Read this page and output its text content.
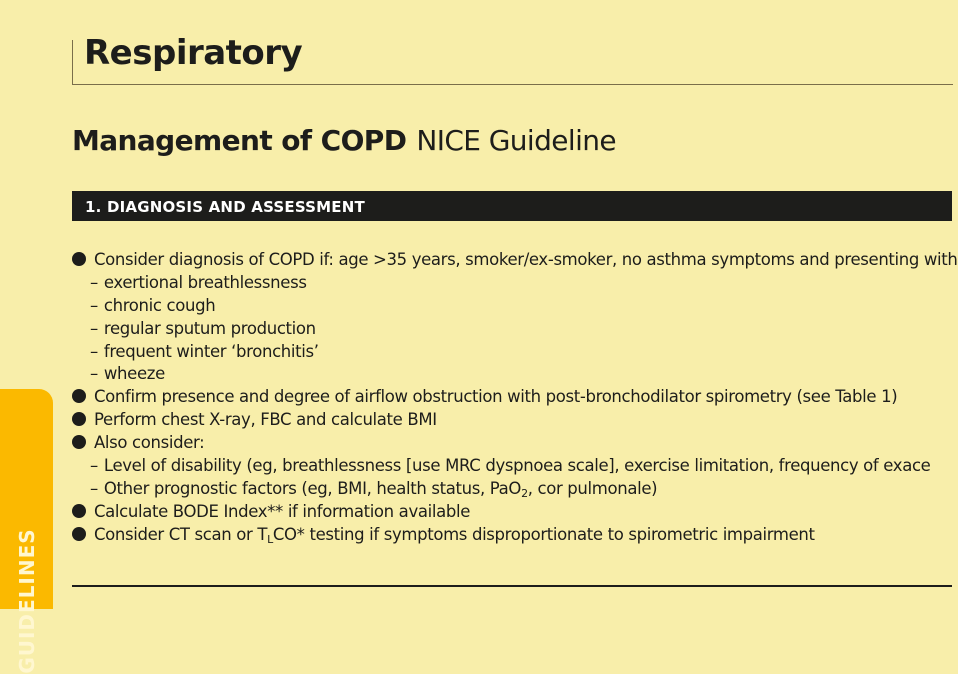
Respiratory
Management of COPD NICE Guideline
1. DIAGNOSIS AND ASSESSMENT
Consider diagnosis of COPD if: age >35 years, smoker/ex-smoker, no asthma symptoms and presenting with
– exertional breathlessness
– chronic cough
– regular sputum production
– frequent winter ‘bronchitis’
– wheeze
Confirm presence and degree of airflow obstruction with post-bronchodilator spirometry (see Table 1)
Perform chest X-ray, FBC and calculate BMI
Also consider:
– Level of disability (eg, breathlessness [use MRC dyspnoea scale], exercise limitation, frequency of exace
– Other prognostic factors (eg, BMI, health status, PaO$_2$, cor pulmonale)
Calculate BODE Index** if information available
Consider CT scan or $T_LCO*$ testing if symptoms disproportionate to spirometric impairment
GUIDELINES
